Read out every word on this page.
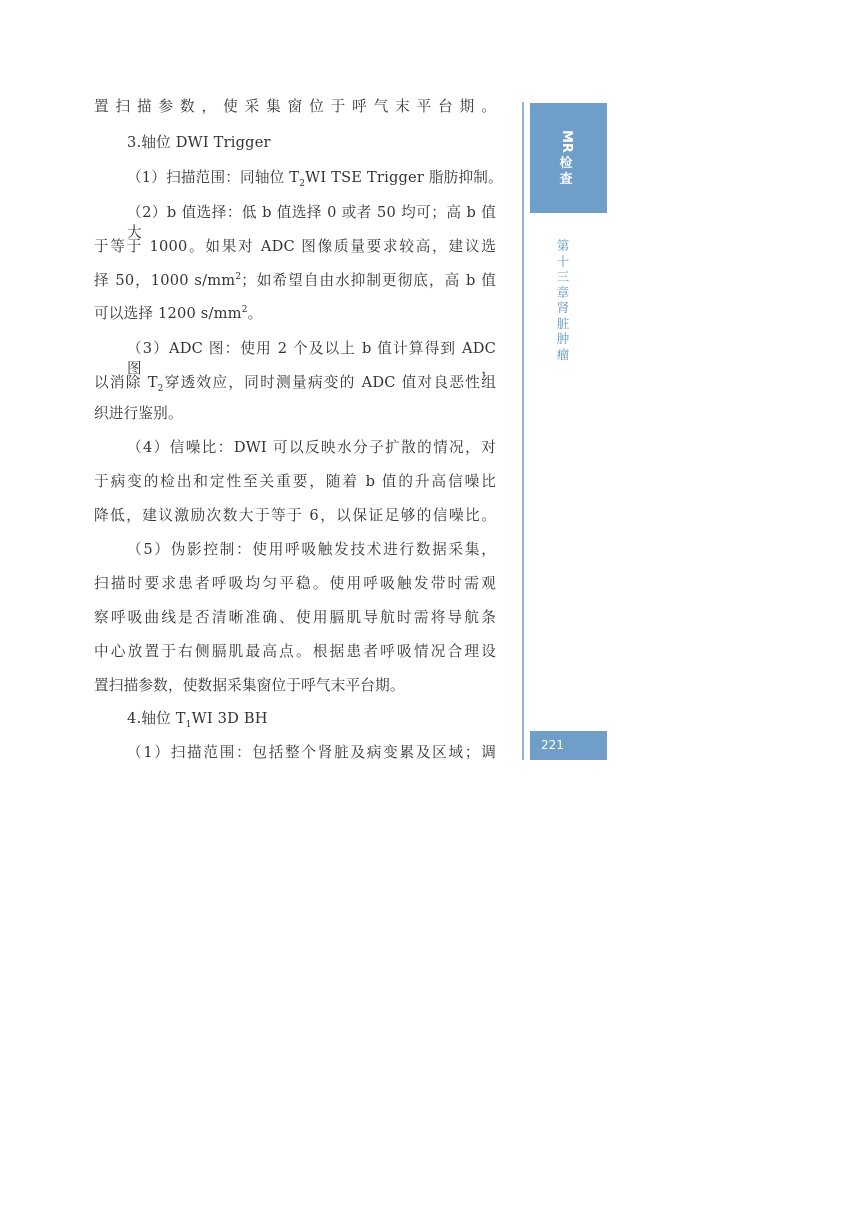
置扫描参数，使采集窗位于呼气末平台期。
3.轴位 DWI Trigger
（1）扫描范围：同轴位 $T_2WI$ TSE Trigger 脂肪抑制。
（2）b 值选择：低 b 值选择 0 或者 50 均可；高 b 值大
于等于 1000。如果对 ADC 图像质量要求较高，建议选
择 50，1000 $s/mm^2$；如希望自由水抑制更彻底，高 b 值
可以选择 1200 $s/mm^2$。
（3）ADC 图：使用 2 个及以上 b 值计算得到 ADC 图，
以消除 $T_2$穿透效应，同时测量病变的 ADC 值对良恶性组
织进行鉴别。
（4）信噪比：DWI 可以反映水分子扩散的情况，对
于病变的检出和定性至关重要，随着 b 值的升高信噪比
降低，建议激励次数大于等于 6，以保证足够的信噪比。
（5）伪影控制：使用呼吸触发技术进行数据采集，
扫描时要求患者呼吸均匀平稳。使用呼吸触发带时需观
察呼吸曲线是否清晰准确、使用膈肌导航时需将导航条
中心放置于右侧膈肌最高点。根据患者呼吸情况合理设
置扫描参数，使数据采集窗位于呼气末平台期。
4.轴位 $T_1WI$ 3D BH
（1）扫描范围：包括整个肾脏及病变累及区域；调
MR
检查
第十三章　肾脏肿瘤
221
